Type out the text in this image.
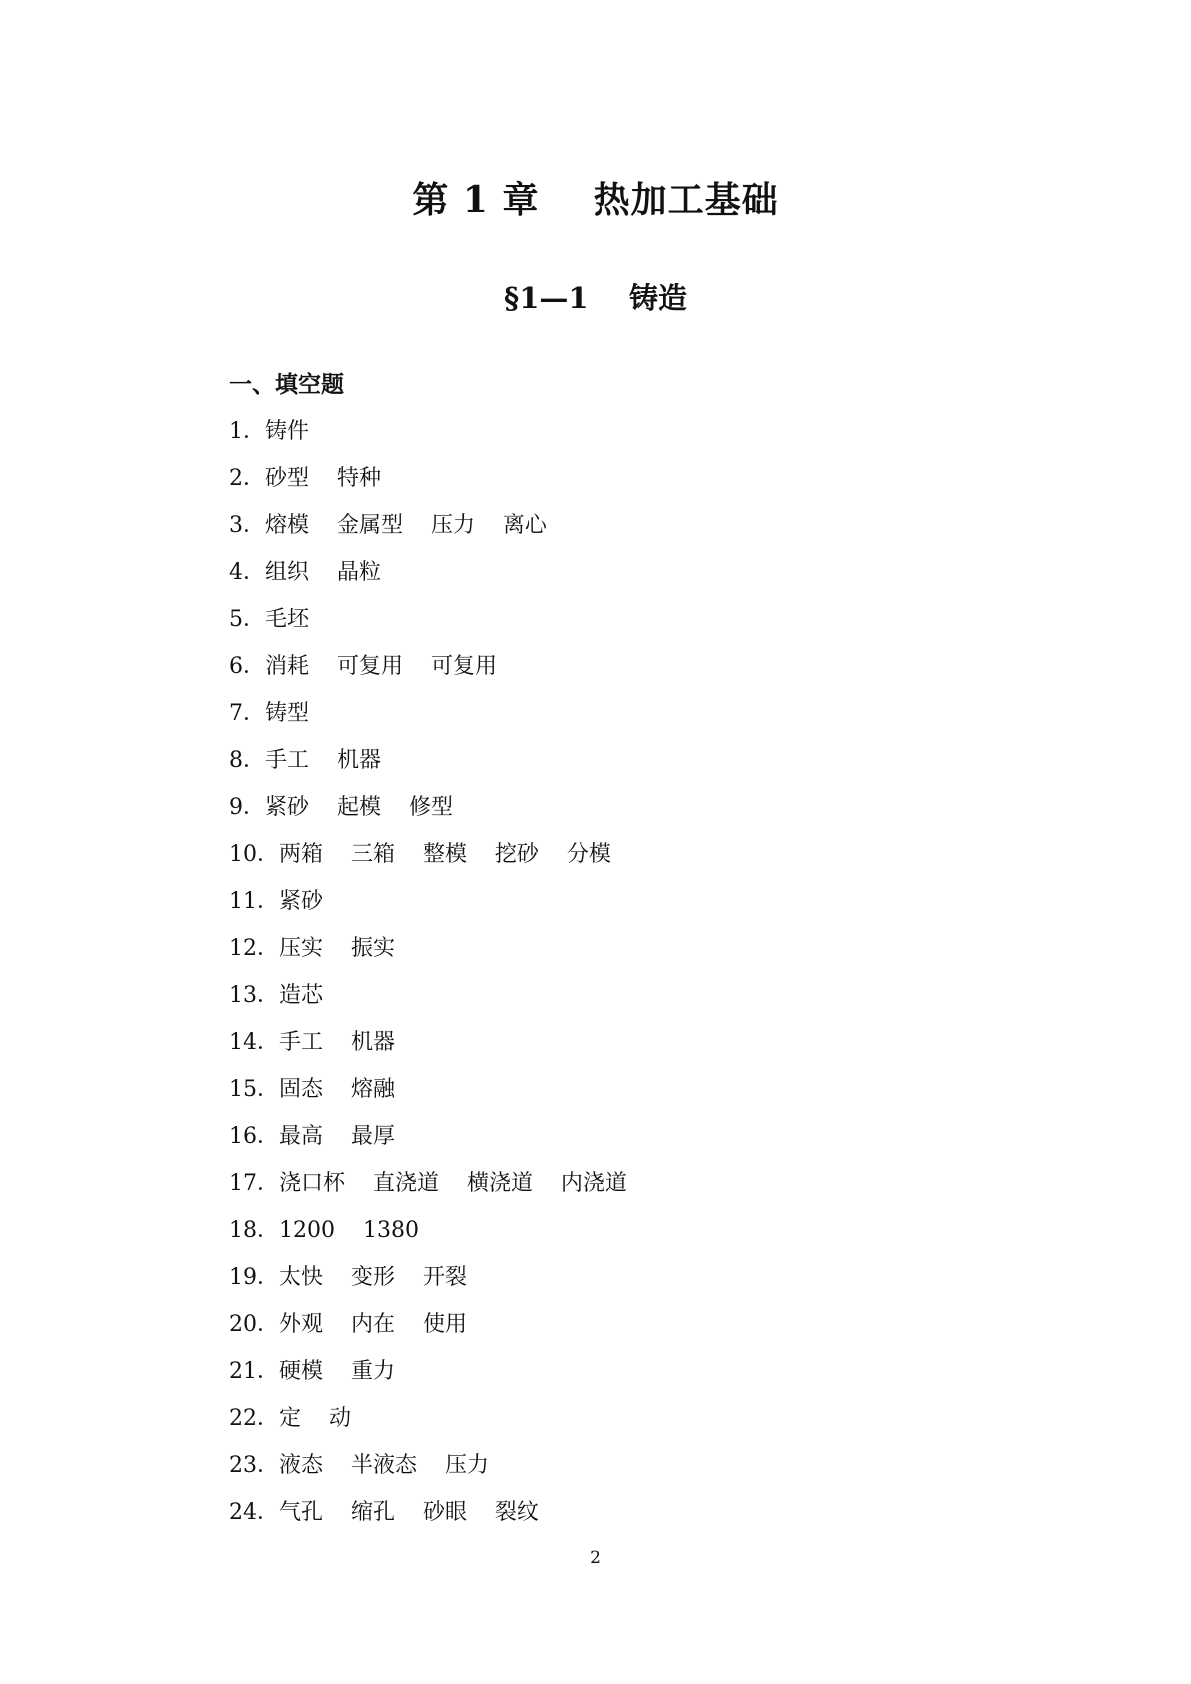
第 1 章    热加工基础
§1—1    铸造
一、填空题
1．铸件
2．砂型    特种
3．熔模    金属型    压力    离心
4．组织    晶粒
5．毛坯
6．消耗    可复用    可复用
7．铸型
8．手工    机器
9．紧砂    起模    修型
10．两箱    三箱    整模    挖砂    分模
11．紧砂
12．压实    振实
13．造芯
14．手工    机器
15．固态    熔融
16．最高    最厚
17．浇口杯    直浇道    横浇道    内浇道
18．1200    1380
19．太快    变形    开裂
20．外观    内在    使用
21．硬模    重力
22．定    动
23．液态    半液态    压力
24．气孔    缩孔    砂眼    裂纹
2
